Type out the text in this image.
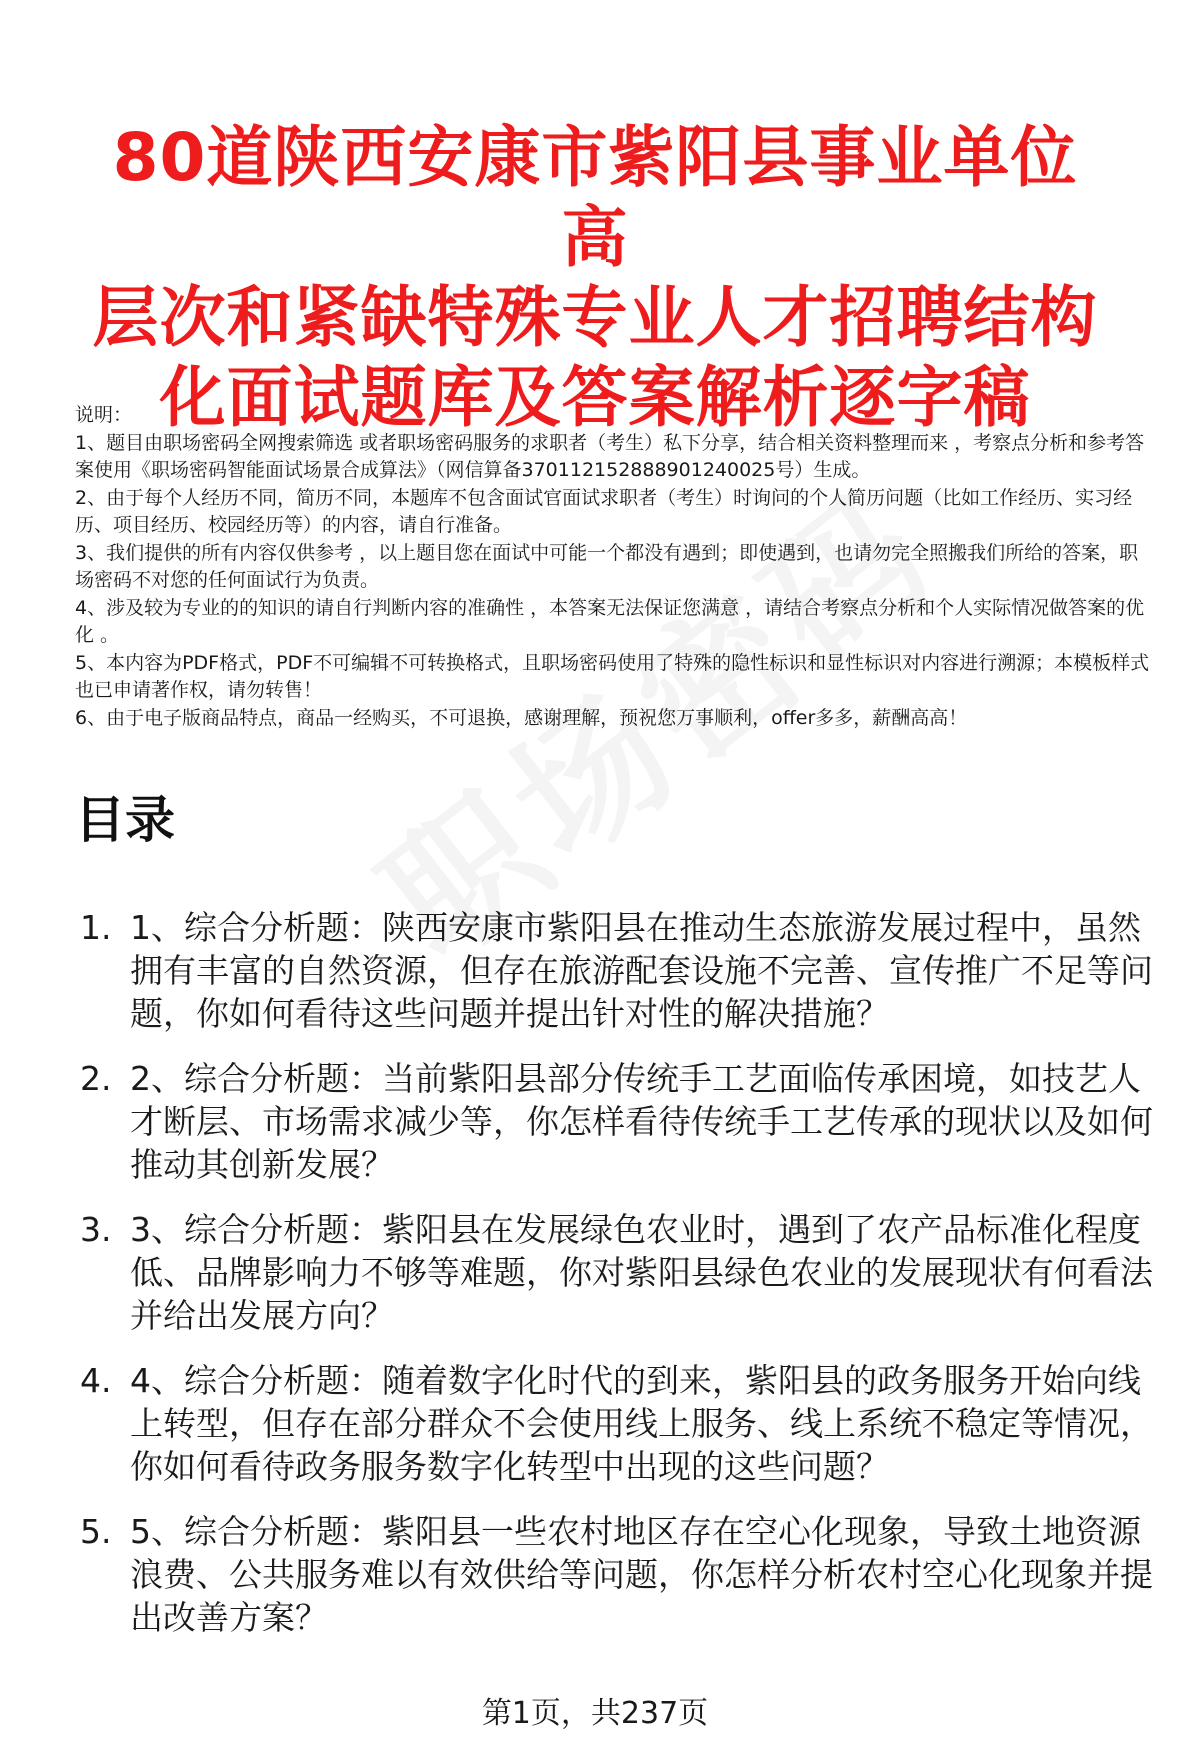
80道陕西安康市紫阳县事业单位高
层次和紧缺特殊专业人才招聘结构
化面试题库及答案解析逐字稿

说明：

1、题目由职场密码全网搜索筛选 或者职场密码服务的求职者（考生）私下分享，结合相关资料整理而来 ，考察点分析和参考答案使用《职场密码智能面试场景合成算法》（网信算备370112152888901240025号）生成。

2、由于每个人经历不同，简历不同，本题库不包含面试官面试求职者（考生）时询问的个人简历问题（比如工作经历、实习经历、项目经历、校园经历等）的内容，请自行准备。

3、我们提供的所有内容仅供参考 ，以上题目您在面试中可能一个都没有遇到；即使遇到，也请勿完全照搬我们所给的答案，职场密码不对您的任何面试行为负责。

4、涉及较为专业的的知识的请自行判断内容的准确性 ，本答案无法保证您满意 ，请结合考察点分析和个人实际情况做答案的优化 。

5、本内容为PDF格式，PDF不可编辑不可转换格式，且职场密码使用了特殊的隐性标识和显性标识对内容进行溯源；本模板样式也已申请著作权，请勿转售！

6、由于电子版商品特点，商品一经购买，不可退换，感谢理解，预祝您万事顺利，offer多多，薪酬高高！

目录
1. 1、综合分析题：陕西安康市紫阳县在推动生态旅游发展过程中，虽然拥有丰富的自然资源，但存在旅游配套设施不完善、宣传推广不足等问题，你如何看待这些问题并提出针对性的解决措施？
2. 2、综合分析题：当前紫阳县部分传统手工艺面临传承困境，如技艺人才断层、市场需求减少等，你怎样看待传统手工艺传承的现状以及如何推动其创新发展？
3. 3、综合分析题：紫阳县在发展绿色农业时，遇到了农产品标准化程度低、品牌影响力不够等难题，你对紫阳县绿色农业的发展现状有何看法并给出发展方向？
4. 4、综合分析题：随着数字化时代的到来，紫阳县的政务服务开始向线上转型，但存在部分群众不会使用线上服务、线上系统不稳定等情况，你如何看待政务服务数字化转型中出现的这些问题？
5. 5、综合分析题：紫阳县一些农村地区存在空心化现象，导致土地资源浪费、公共服务难以有效供给等问题，你怎样分析农村空心化现象并提出改善方案？
第1页，共237页
